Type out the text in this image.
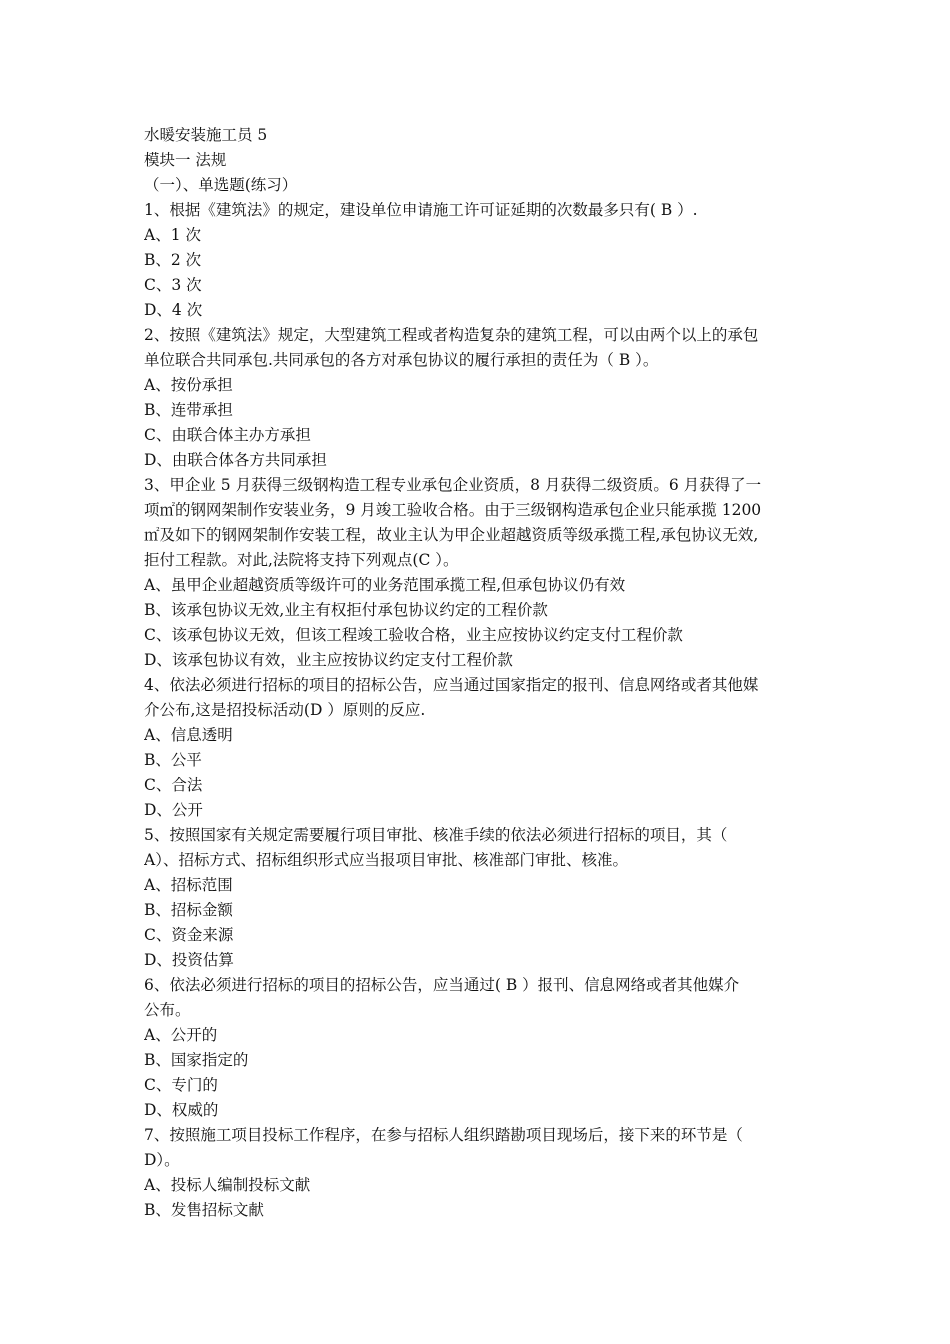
水暖安装施工员 5
模块一 法规
（一）、单选题(练习）
1、根据《建筑法》的规定，建设单位申请施工许可证延期的次数最多只有( B ）.
A、1 次
B、2 次
C、3 次
D、4 次
2、按照《建筑法》规定，大型建筑工程或者构造复杂的建筑工程，可以由两个以上的承包
单位联合共同承包.共同承包的各方对承包协议的履行承担的责任为（ B ）。
A、按份承担
B、连带承担
C、由联合体主办方承担
D、由联合体各方共同承担
3、甲企业 5 月获得三级钢构造工程专业承包企业资质，8 月获得二级资质。6 月获得了一
项㎡的钢网架制作安装业务，9 月竣工验收合格。由于三级钢构造承包企业只能承揽 1200
㎡及如下的钢网架制作安装工程，故业主认为甲企业超越资质等级承揽工程,承包协议无效,
拒付工程款。对此,法院将支持下列观点(C ）。
A、虽甲企业超越资质等级许可的业务范围承揽工程,但承包协议仍有效
B、该承包协议无效,业主有权拒付承包协议约定的工程价款
C、该承包协议无效，但该工程竣工验收合格，业主应按协议约定支付工程价款
D、该承包协议有效，业主应按协议约定支付工程价款
4、依法必须进行招标的项目的招标公告，应当通过国家指定的报刊、信息网络或者其他媒
介公布,这是招投标活动(D ）原则的反应.
A、信息透明
B、公平
C、合法
D、公开
5、按照国家有关规定需要履行项目审批、核准手续的依法必须进行招标的项目，其（
A）、招标方式、招标组织形式应当报项目审批、核准部门审批、核准。
A、招标范围
B、招标金额
C、资金来源
D、投资估算
6、依法必须进行招标的项目的招标公告，应当通过( B ）报刊、信息网络或者其他媒介
公布。
A、公开的
B、国家指定的
C、专门的
D、权威的
7、按照施工项目投标工作程序，在参与招标人组织踏勘项目现场后，接下来的环节是（
D）。
A、投标人编制投标文献
B、发售招标文献
